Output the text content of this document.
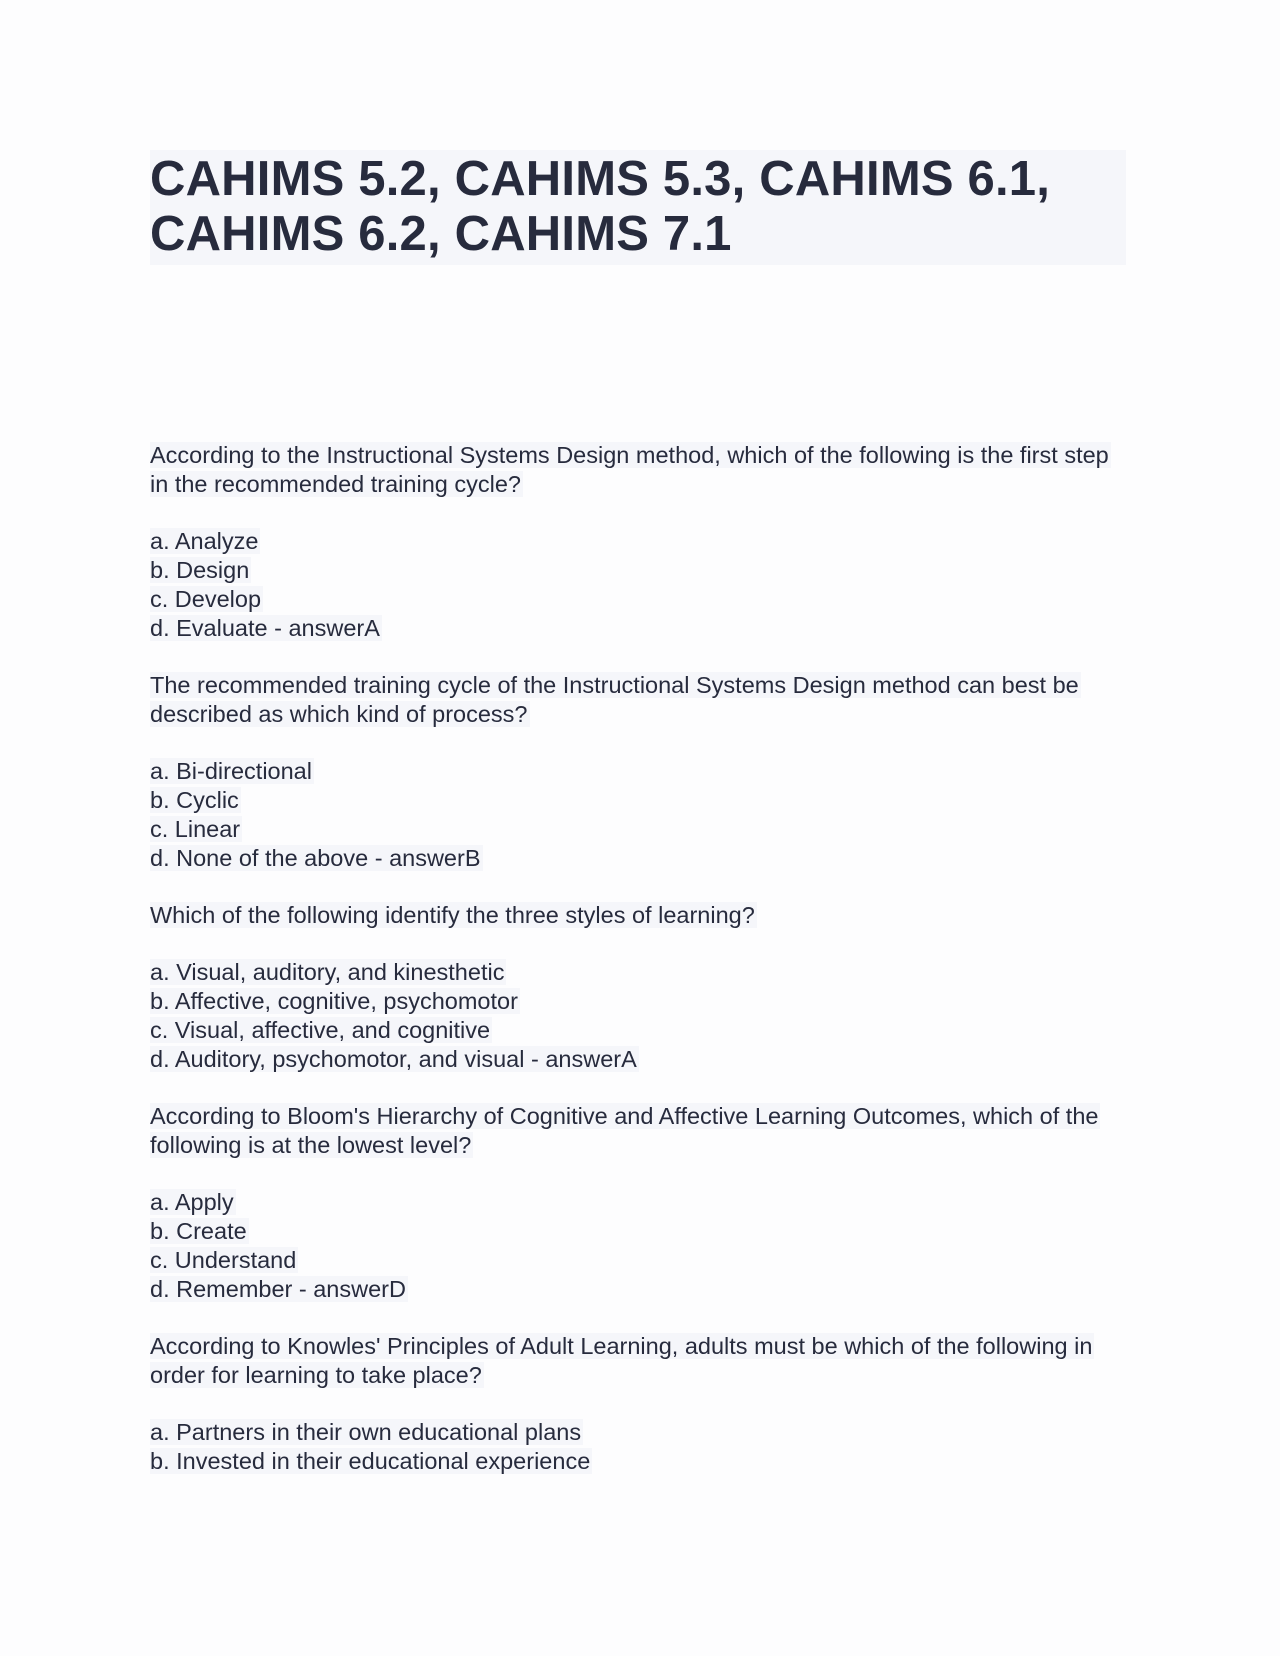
CAHIMS 5.2, CAHIMS 5.3, CAHIMS 6.1, CAHIMS 6.2, CAHIMS 7.1

According to the Instructional Systems Design method, which of the following is the first step in the recommended training cycle?

a. Analyze
b. Design
c. Develop
d. Evaluate - answerA

The recommended training cycle of the Instructional Systems Design method can best be described as which kind of process?

a. Bi-directional
b. Cyclic
c. Linear
d. None of the above - answerB

Which of the following identify the three styles of learning?

a. Visual, auditory, and kinesthetic
b. Affective, cognitive, psychomotor
c. Visual, affective, and cognitive
d. Auditory, psychomotor, and visual - answerA

According to Bloom's Hierarchy of Cognitive and Affective Learning Outcomes, which of the following is at the lowest level?

a. Apply
b. Create
c. Understand
d. Remember - answerD

According to Knowles' Principles of Adult Learning, adults must be which of the following in order for learning to take place?

a. Partners in their own educational plans
b. Invested in their educational experience
